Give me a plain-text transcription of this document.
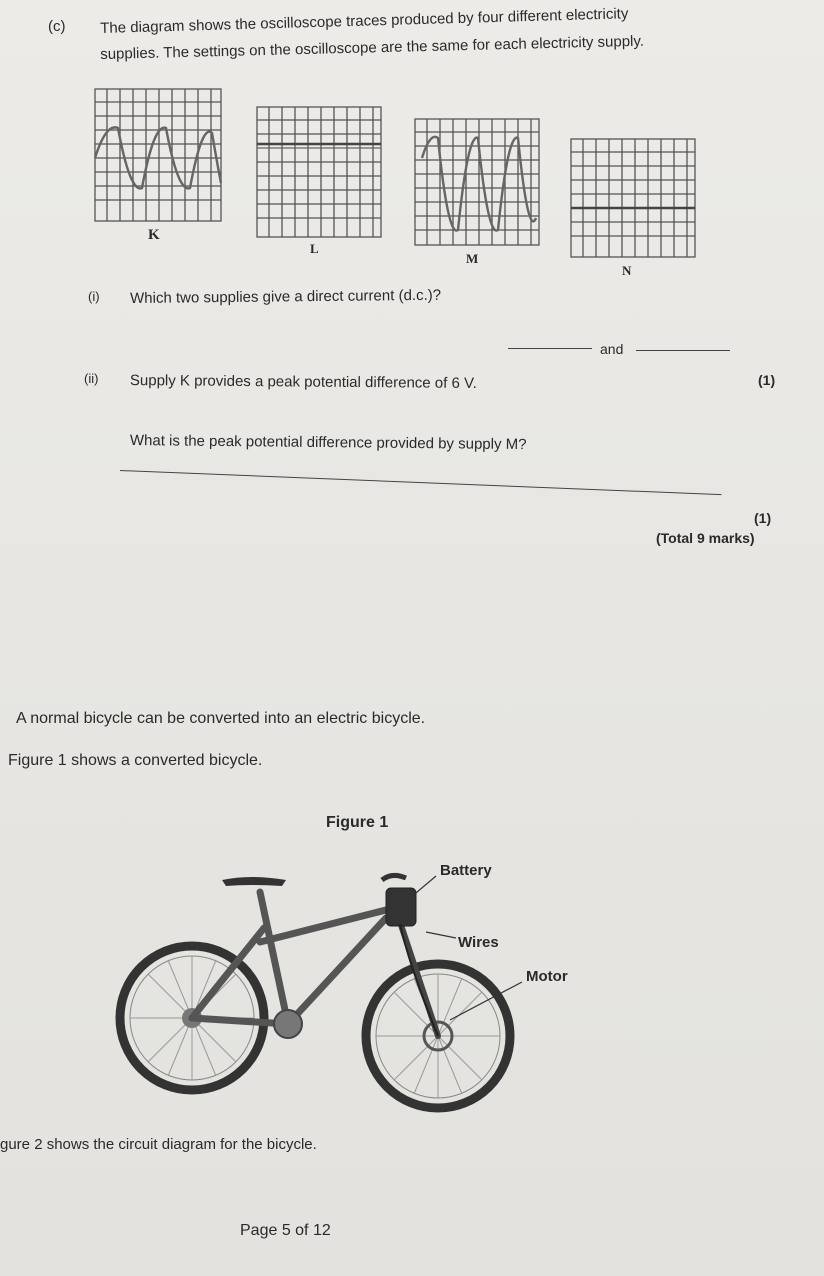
(c) The diagram shows the oscilloscope traces produced by four different electricity
supplies. The settings on the oscilloscope are the same for each electricity supply.
K
L
M
N
(i) Which two supplies give a direct current (d.c.)?
and
(1)
(ii) Supply K provides a peak potential difference of 6 V.
What is the peak potential difference provided by supply M?
(1)
(Total 9 marks)
A normal bicycle can be converted into an electric bicycle.
Figure 1 shows a converted bicycle.
Figure 1
Battery
Wires
Motor
gure 2 shows the circuit diagram for the bicycle.
Page 5 of 12
